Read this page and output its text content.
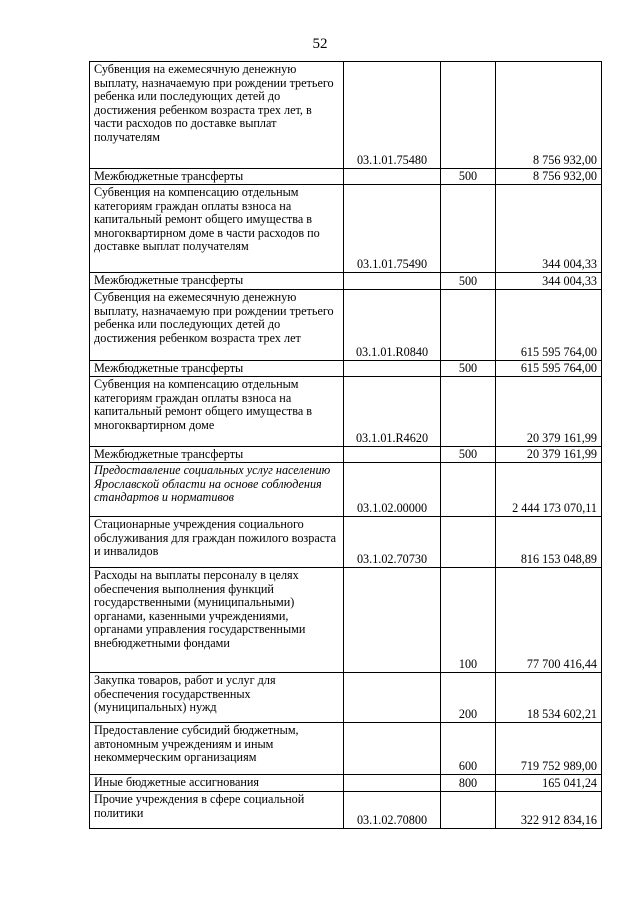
52
Субвенция на ежемесячную денежную выплату, назначаемую при рождении третьего ребенка или последующих детей до достижения ребенком возраста трех лет, в части расходов по доставке выплат получателям	03.1.01.75480		8 756 932,00
Межбюджетные трансферты		500	8 756 932,00
Субвенция на компенсацию отдельным категориям граждан оплаты взноса на капитальный ремонт общего имущества в многоквартирном доме в части расходов по доставке выплат получателям	03.1.01.75490		344 004,33
Межбюджетные трансферты		500	344 004,33
Субвенция на ежемесячную денежную выплату, назначаемую при рождении третьего ребенка или последующих детей до достижения ребенком возраста трех лет	03.1.01.R0840		615 595 764,00
Межбюджетные трансферты		500	615 595 764,00
Субвенция на компенсацию отдельным категориям граждан оплаты взноса на капитальный ремонт общего имущества в многоквартирном доме	03.1.01.R4620		20 379 161,99
Межбюджетные трансферты		500	20 379 161,99
Предоставление социальных услуг населению Ярославской области на основе соблюдения стандартов и нормативов	03.1.02.00000		2 444 173 070,11
Стационарные учреждения социального обслуживания для граждан пожилого возраста и инвалидов	03.1.02.70730		816 153 048,89
Расходы на выплаты персоналу в целях обеспечения выполнения функций государственными (муниципальными) органами, казенными учреждениями, органами управления государственными внебюджетными фондами		100	77 700 416,44
Закупка товаров, работ и услуг для обеспечения государственных (муниципальных) нужд		200	18 534 602,21
Предоставление субсидий бюджетным, автономным учреждениям и иным некоммерческим организациям		600	719 752 989,00
Иные бюджетные ассигнования		800	165 041,24
Прочие учреждения в сфере социальной политики	03.1.02.70800		322 912 834,16
